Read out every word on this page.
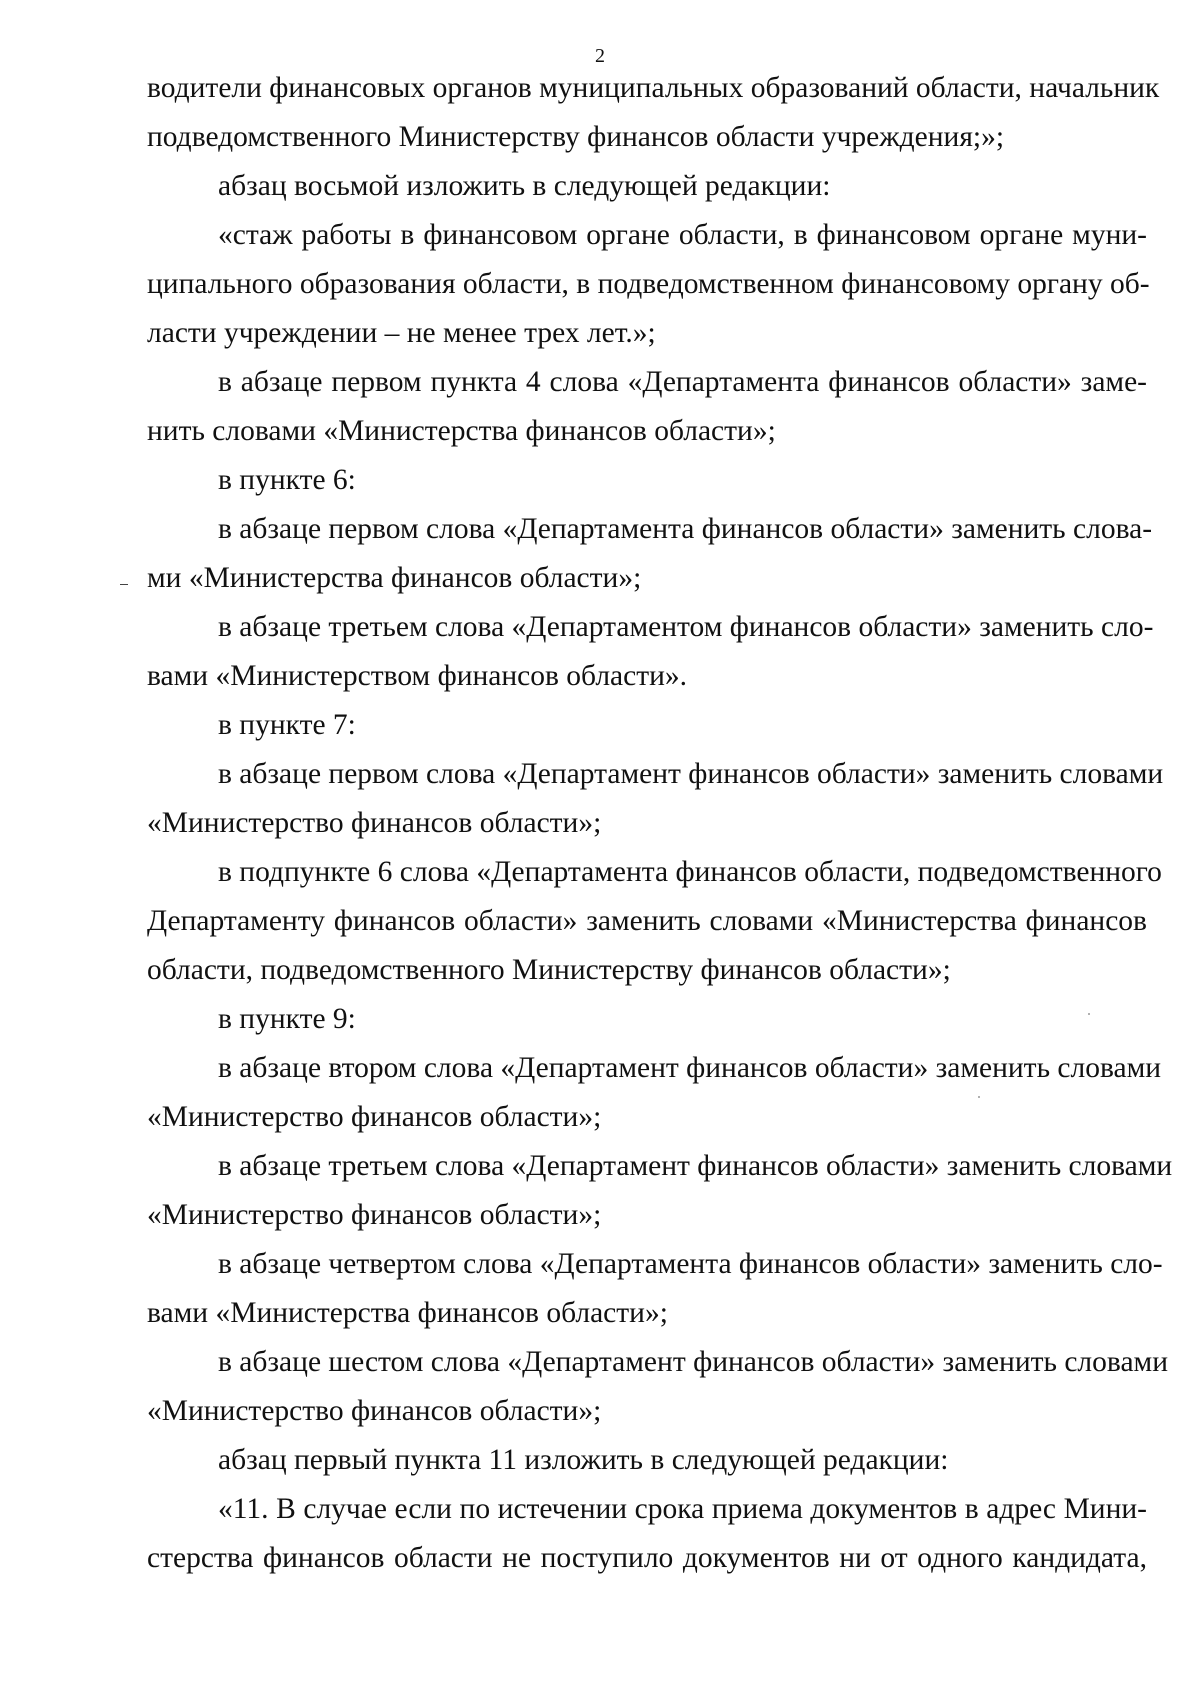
2

водители финансовых органов муниципальных образований области, начальник
подведомственного Министерству финансов области учреждения;»;

абзац восьмой изложить в следующей редакции:

«стаж работы в финансовом органе области, в финансовом органе муни-
ципального образования области, в подведомственном финансовому органу об-
ласти учреждении – не менее трех лет.»;

в абзаце первом пункта 4 слова «Департамента финансов области» заме-
нить словами «Министерства финансов области»;

в пункте 6:

в абзаце первом слова «Департамента финансов области» заменить слова-
ми «Министерства финансов области»;

в абзаце третьем слова «Департаментом финансов области» заменить сло-
вами «Министерством финансов области».

в пункте 7:

в абзаце первом слова «Департамент финансов области» заменить словами
«Министерство финансов области»;

в подпункте 6 слова «Департамента финансов области, подведомственного
Департаменту финансов области» заменить словами «Министерства финансов
области, подведомственного Министерству финансов области»;

в пункте 9:

в абзаце втором слова «Департамент финансов области» заменить словами
«Министерство финансов области»;

в абзаце третьем слова «Департамент финансов области» заменить словами
«Министерство финансов области»;

в абзаце четвертом слова «Департамента финансов области» заменить сло-
вами «Министерства финансов области»;

в абзаце шестом слова «Департамент финансов области» заменить словами
«Министерство финансов области»;

абзац первый пункта 11 изложить в следующей редакции:

«11. В случае если по истечении срока приема документов в адрес Мини-
стерства финансов области не поступило документов ни от одного кандидата,
